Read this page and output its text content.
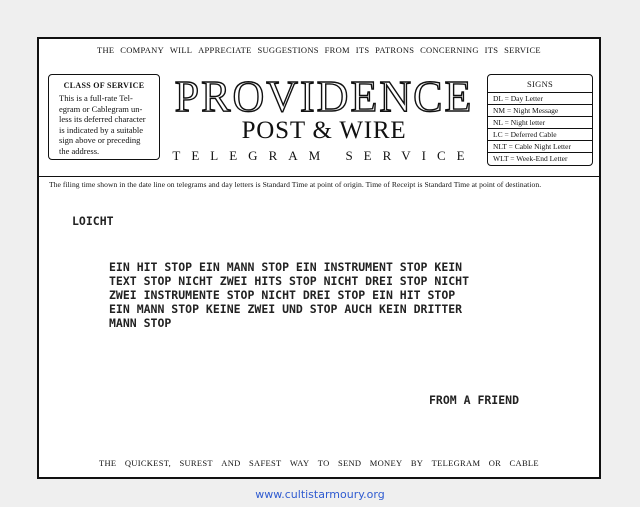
THE COMPANY WILL APPRECIATE SUGGESTIONS FROM ITS PATRONS CONCERNING ITS SERVICE
CLASS OF SERVICE
This is a full-rate Tel-
egram or Cablegram un-
less its deferred character
is indicated by a suitable
sign above or preceding
the address.
PROVIDENCE
POST & WIRE
TELEGRAM SERVICE
SIGNS
DL = Day Letter
NM = Night Message
NL = Night letter
LC = Deferred Cable
NLT = Cable Night Letter
WLT = Week-End Letter
The filing time shown in the date line on telegrams and day letters is Standard Time at point of origin. Time of Receipt is Standard Time at point of destination.
LOICHT
EIN HIT STOP EIN MANN STOP EIN INSTRUMENT STOP KEIN
TEXT STOP NICHT ZWEI HITS STOP NICHT DREI STOP NICHT
ZWEI INSTRUMENTE STOP NICHT DREI STOP EIN HIT STOP
EIN MANN STOP KEINE ZWEI UND STOP AUCH KEIN DRITTER
MANN STOP
FROM A FRIEND
THE QUICKEST, SUREST AND SAFEST WAY TO SEND MONEY BY TELEGRAM OR CABLE
www.cultistarmoury.org
